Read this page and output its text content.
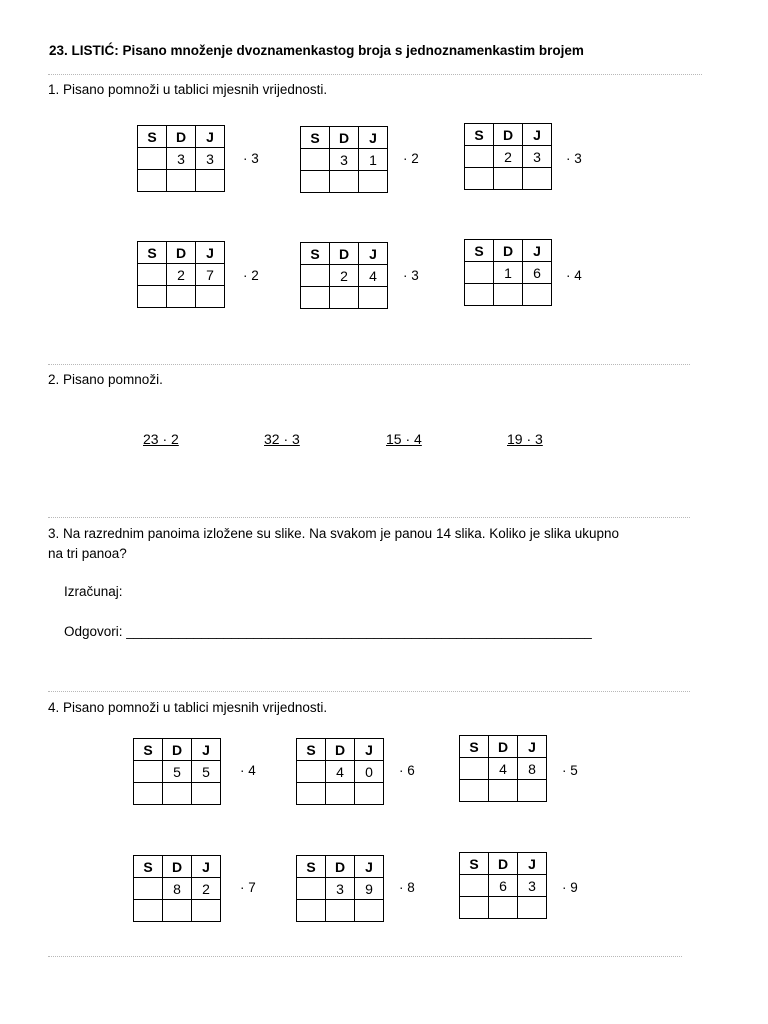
23. LISTIĆ: Pisano množenje dvoznamenkastog broja s jednoznamenkastim brojem
1. Pisano pomnoži u tablici mjesnih vrijednosti.
S	D	J
	3	3
		· 3
S	D	J
	3	1
		· 2
S	D	J
	2	3
		· 3
S	D	J
	2	7
		· 2
S	D	J
	2	4
		· 3
S	D	J
	1	6
		· 4
2. Pisano pomnoži.
23 · 2	32 · 3	15 · 4	19 · 3
3. Na razrednim panoima izložene su slike. Na svakom je panou 14 slika. Koliko je slika ukupno
na tri panoa?
Izračunaj:
Odgovori: ______________________________________________________________
4. Pisano pomnoži u tablici mjesnih vrijednosti.
S	D	J
	5	5
		· 4
S	D	J
	4	0
		· 6
S	D	J
	4	8
		· 5
S	D	J
	8	2
		· 7
S	D	J
	3	9
		· 8
S	D	J
	6	3
		· 9
